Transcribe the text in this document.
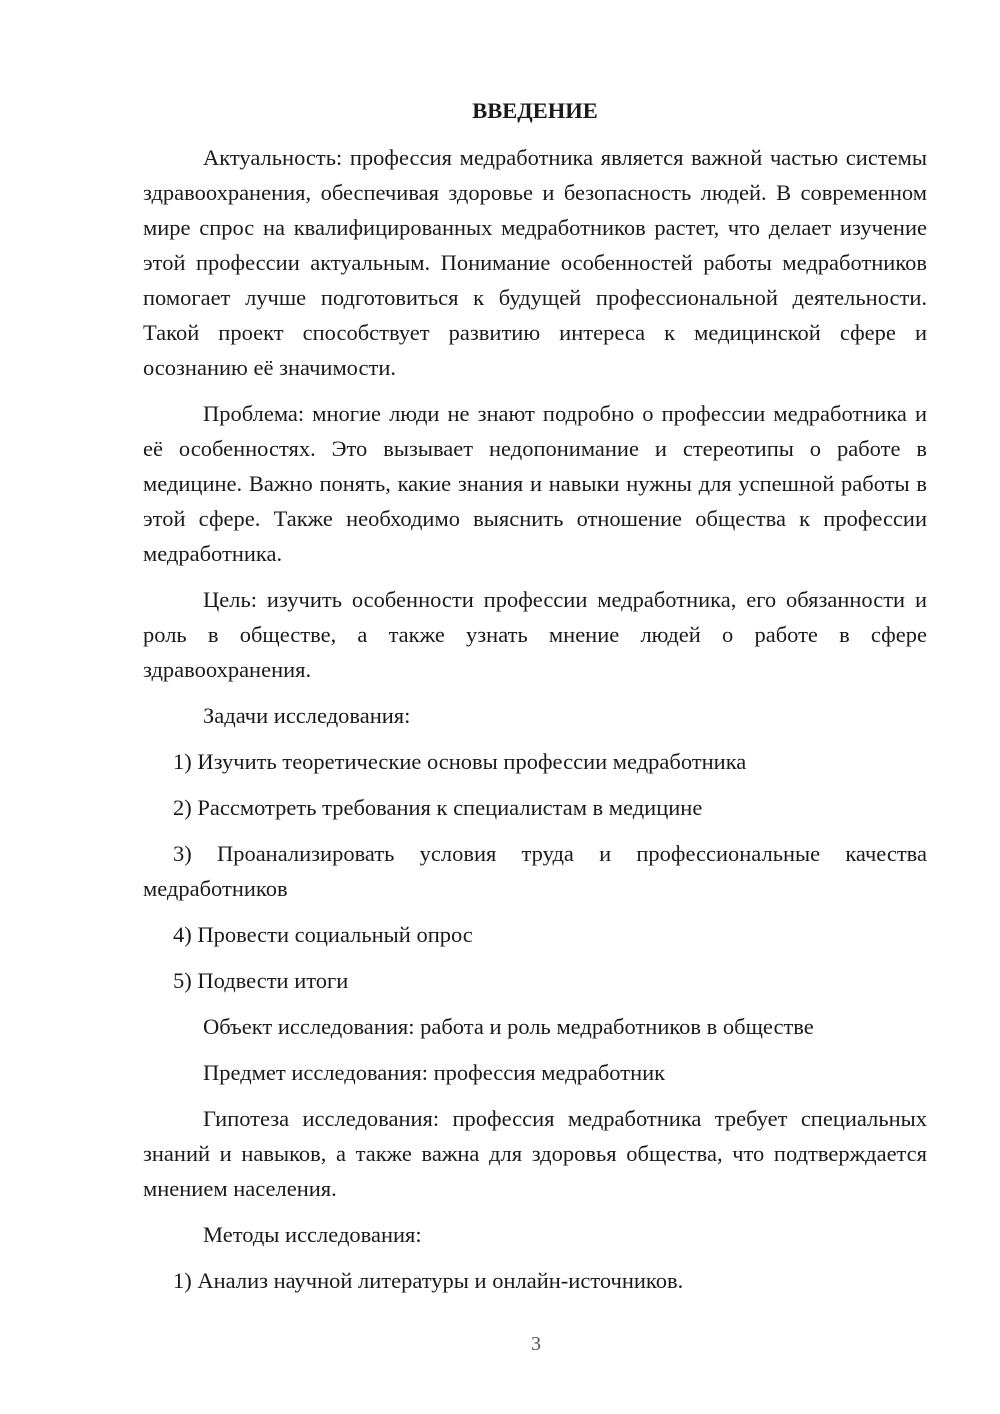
ВВЕДЕНИЕ

Актуальность: профессия медработника является важной частью системы здравоохранения, обеспечивая здоровье и безопасность людей. В современном мире спрос на квалифицированных медработников растет, что делает изучение этой профессии актуальным. Понимание особенностей работы медработников помогает лучше подготовиться к будущей профессиональной деятельности. Такой проект способствует развитию интереса к медицинской сфере и осознанию её значимости.

Проблема: многие люди не знают подробно о профессии медработника и её особенностях. Это вызывает недопонимание и стереотипы о работе в медицине. Важно понять, какие знания и навыки нужны для успешной работы в этой сфере. Также необходимо выяснить отношение общества к профессии медработника.

Цель: изучить особенности профессии медработника, его обязанности и роль в обществе, а также узнать мнение людей о работе в сфере здравоохранения.

Задачи исследования:

1) Изучить теоретические основы профессии медработника

2) Рассмотреть требования к специалистам в медицине

3) Проанализировать условия труда и профессиональные качества медработников

4) Провести социальный опрос

5) Подвести итоги

Объект исследования: работа и роль медработников в обществе

Предмет исследования: профессия медработник

Гипотеза исследования: профессия медработника требует специальных знаний и навыков, а также важна для здоровья общества, что подтверждается мнением населения.

Методы исследования:

1) Анализ научной литературы и онлайн-источников.

3
